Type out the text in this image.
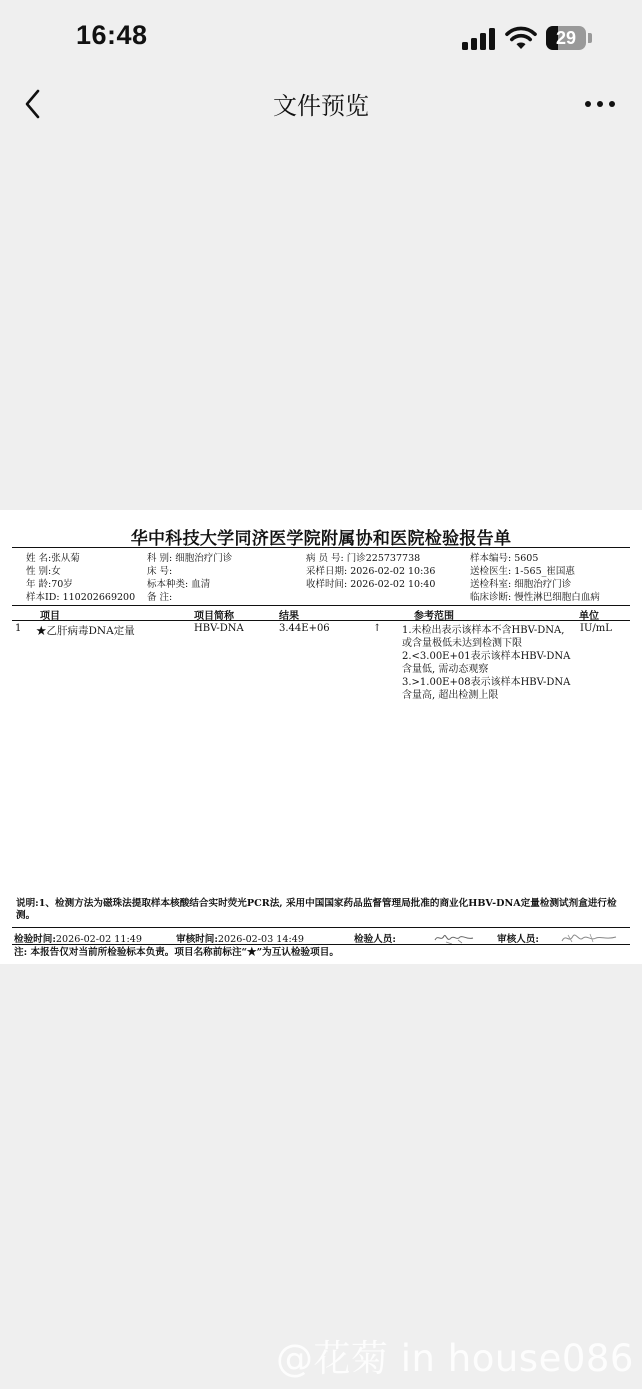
16:48	29
文件预览
华中科技大学同济医学院附属协和医院检验报告单
姓 名:张从菊
性 别:女
年 龄:70岁
样本ID: 110202669200
科 别: 细胞治疗门诊
床 号:
标本种类: 血清
备 注:
病 员 号: 门诊225737738
采样日期: 2026-02-02 10:36
收样时间: 2026-02-02 10:40
样本编号: 5605
送检医生: 1-565_崔国惠
送检科室: 细胞治疗门诊
临床诊断: 慢性淋巴细胞白血病
项目	项目简称	结果	参考范围	单位
1 ★乙肝病毒DNA定量	HBV-DNA	3.44E+06	↑ 1.未检出表示该样本不含HBV-DNA, 或含量极低未达到检测下限
2.<3.00E+01表示该样本HBV-DNA含量低, 需动态观察
3.>1.00E+08表示该样本HBV-DNA含量高, 超出检测上限
IU/mL
说明:1、检测方法为磁珠法提取样本核酸结合实时荧光PCR法, 采用中国国家药品监督管理局批准的商业化HBV-DNA定量检测试剂盒进行检测。
检验时间:2026-02-02 11:49	审核时间:2026-02-03 14:49	检验人员:	审核人员:
注: 本报告仅对当前所检验标本负责。项目名称前标注“★”为互认检验项目。
@花菊 in house086
